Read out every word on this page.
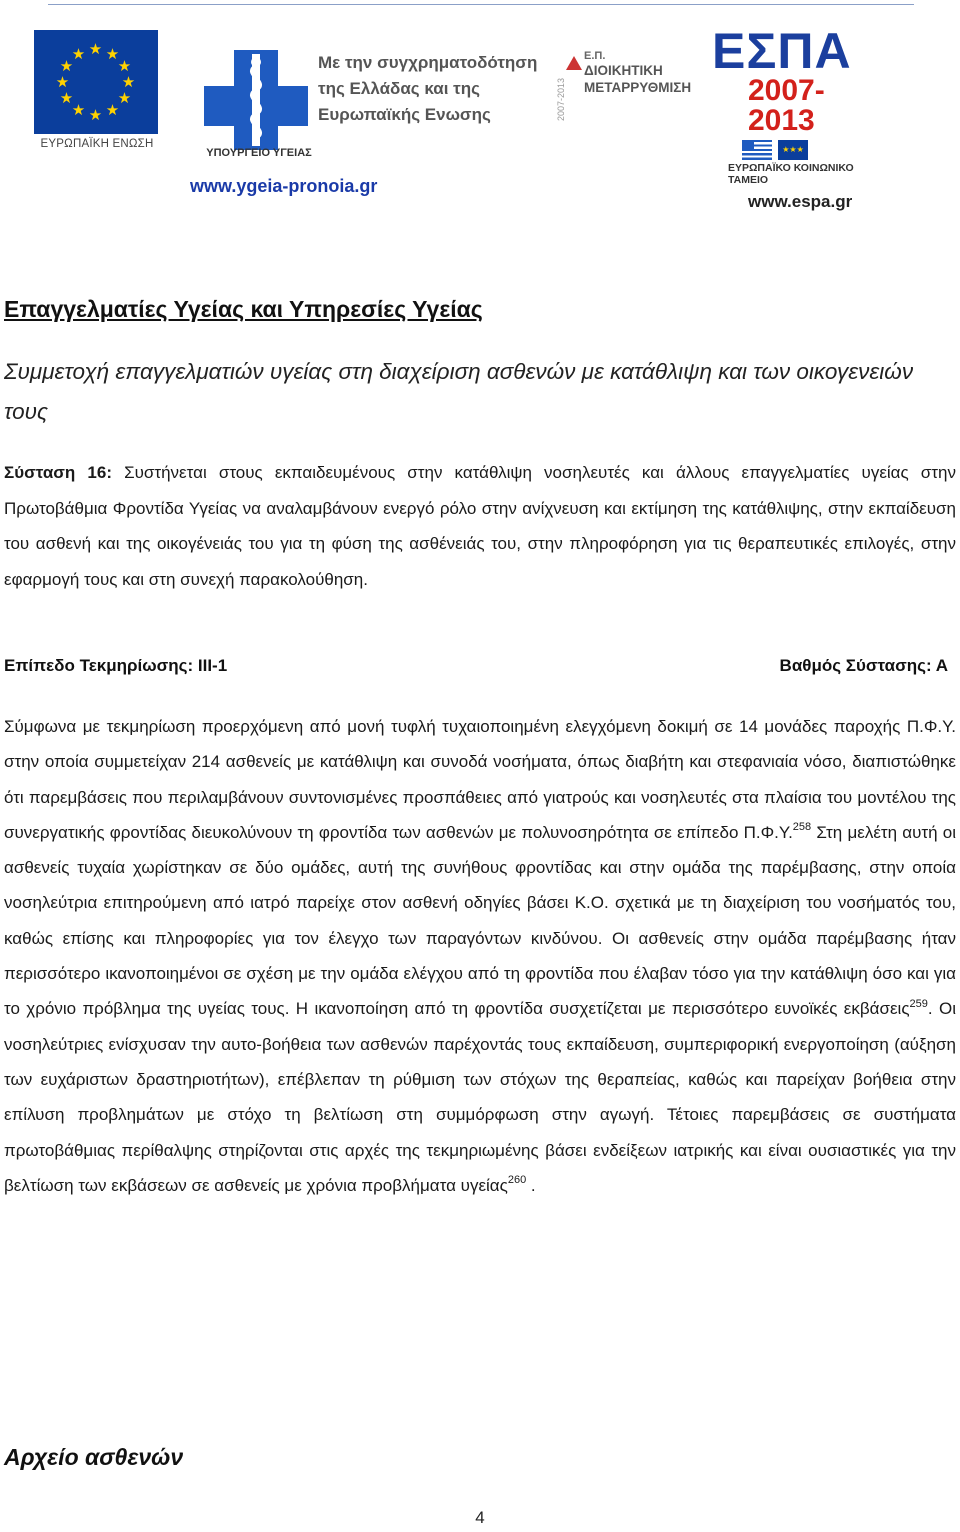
★ ★
★
★
★
★
★
★
★
★
★
★
ΕΥΡΩΠΑΪΚΗ ΕΝΩΣΗ
ΥΠΟΥΡΓΕΙΟ ΥΓΕΙΑΣ
Με την συγχρηματοδότηση
της Ελλάδας και της
Ευρωπαϊκής Ενωσης
www.ygeia-pronoia.gr
2007-2013
Ε.Π.
ΔΙΟΙΚΗΤΙΚΗ
ΜΕΤΑΡΡΥΘΜΙΣΗ
ΕΣΠΑ
2007-2013
★★★
ΕΥΡΩΠΑΪΚΟ ΚΟΙΝΩΝΙΚΟ ΤΑΜΕΙΟ
www.espa.gr
Επαγγελματίες Υγείας και Υπηρεσίες Υγείας

Συμμετοχή επαγγελματιών υγείας στη διαχείριση ασθενών με κατάθλιψη και των οικογενειών τους

Σύσταση 16: Συστήνεται στους εκπαιδευμένους στην κατάθλιψη νοσηλευτές και άλλους επαγγελματίες υγείας στην Πρωτοβάθμια Φροντίδα Υγείας να αναλαμβάνουν ενεργό ρόλο στην ανίχνευση και εκτίμηση της κατάθλιψης, στην εκπαίδευση του ασθενή και της οικογένειάς του για τη φύση της ασθένειάς του, στην πληροφόρηση για τις θεραπευτικές επιλογές, στην εφαρμογή τους και στη συνεχή παρακολούθηση.

Επίπεδο Τεκμηρίωσης: ΙΙΙ-1	Βαθμός Σύστασης: Α

Σύμφωνα με τεκμηρίωση προερχόμενη από μονή τυφλή τυχαιοποιημένη ελεγχόμενη δοκιμή σε 14 μονάδες παροχής Π.Φ.Υ. στην οποία συμμετείχαν 214 ασθενείς με κατάθλιψη και συνοδά νοσήματα, όπως διαβήτη και στεφανιαία νόσο, διαπιστώθηκε ότι παρεμβάσεις που περιλαμβάνουν συντονισμένες προσπάθειες από γιατρούς και νοσηλευτές στα πλαίσια του μοντέλου της συνεργατικής φροντίδας διευκολύνουν τη φροντίδα των ασθενών με πολυνοσηρότητα σε επίπεδο Π.Φ.Υ.$^{258}$ Στη μελέτη αυτή οι ασθενείς τυχαία χωρίστηκαν σε δύο ομάδες, αυτή της συνήθους φροντίδας και στην ομάδα της παρέμβασης, στην οποία νοσηλεύτρια επιτηρούμενη από ιατρό παρείχε στον ασθενή οδηγίες βάσει Κ.Ο. σχετικά με τη διαχείριση του νοσήματός του, καθώς επίσης και πληροφορίες για τον έλεγχο των παραγόντων κινδύνου. Οι ασθενείς στην ομάδα παρέμβασης ήταν περισσότερο ικανοποιημένοι σε σχέση με την ομάδα ελέγχου από τη φροντίδα που έλαβαν τόσο για την κατάθλιψη όσο και για το χρόνιο πρόβλημα της υγείας τους. Η ικανοποίηση από τη φροντίδα συσχετίζεται με περισσότερο ευνοϊκές εκβάσεις$^{259}$. Οι νοσηλεύτριες ενίσχυσαν την αυτο-βοήθεια των ασθενών παρέχοντάς τους εκπαίδευση, συμπεριφορική ενεργοποίηση (αύξηση των ευχάριστων δραστηριοτήτων), επέβλεπαν τη ρύθμιση των στόχων της θεραπείας, καθώς και παρείχαν βοήθεια στην επίλυση προβλημάτων με στόχο τη βελτίωση στη συμμόρφωση στην αγωγή. Τέτοιες παρεμβάσεις σε συστήματα πρωτοβάθμιας περίθαλψης στηρίζονται στις αρχές της τεκμηριωμένης βάσει ενδείξεων ιατρικής και είναι ουσιαστικές για την βελτίωση των εκβάσεων σε ασθενείς με χρόνια προβλήματα υγείας$^{260}$ .

Αρχείο ασθενών
4
